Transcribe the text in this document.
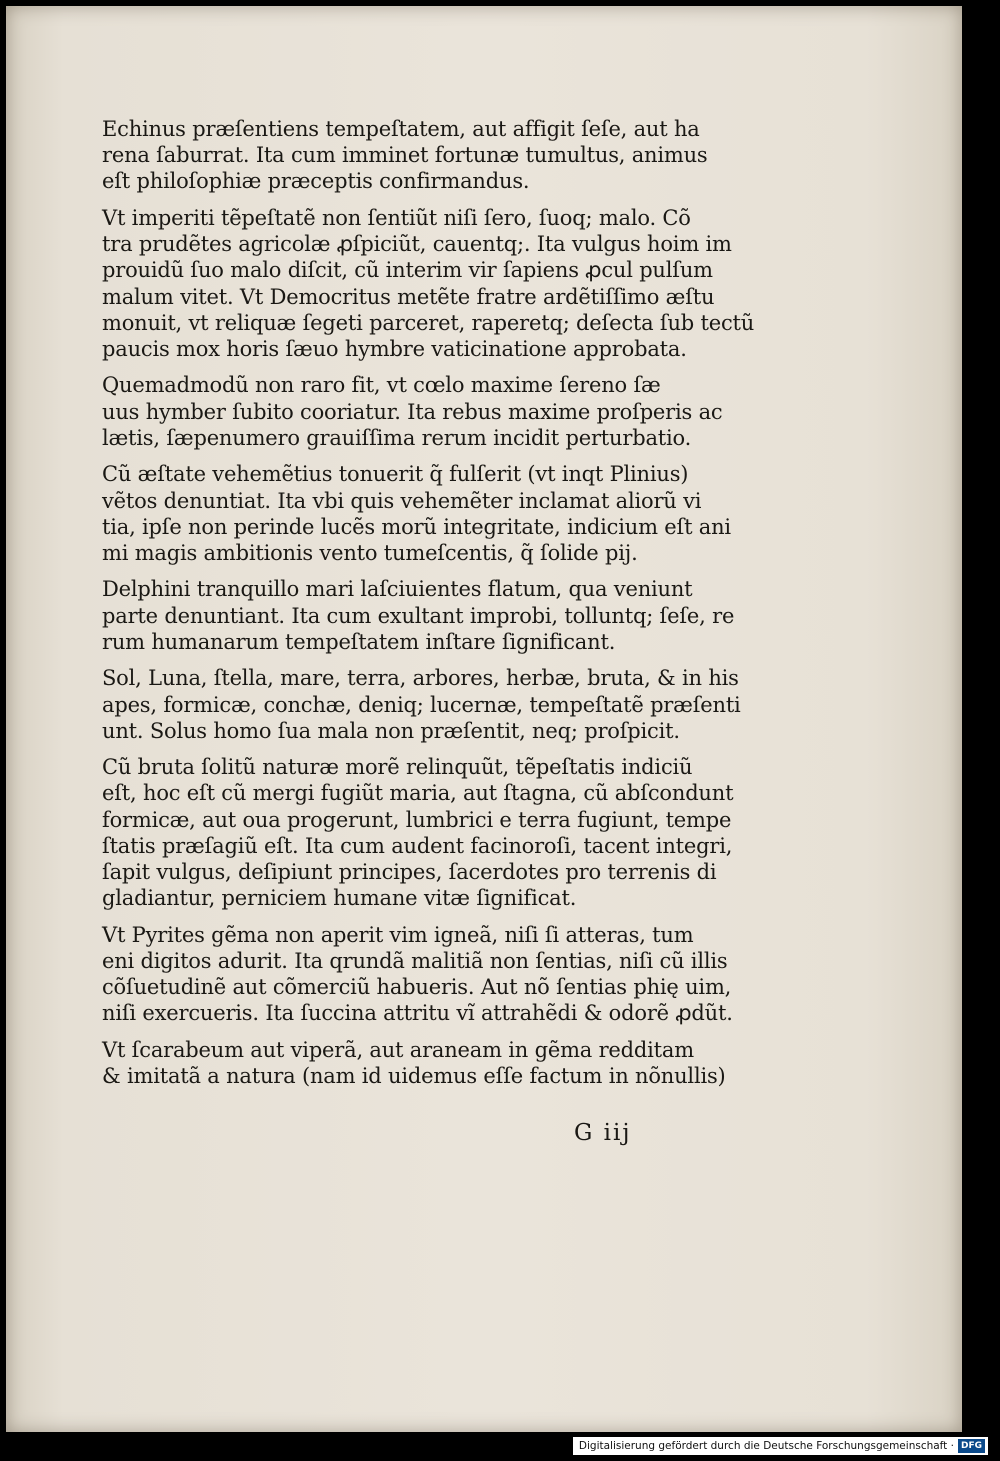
Echinus præſentiens tempeſtatem, aut affigit ſeſe, aut ha
rena ſaburrat. Ita cum imminet fortunæ tumultus, animus
eſt philoſophiæ præceptis confirmandus.

Vt imperiti tẽpeſtatẽ non ſentiũt niſi ſero, ſuoq; malo. Cõ
tra prudẽtes agricolæ ꝓſpiciũt, cauentq;. Ita vulgus hoim im
prouidũ ſuo malo diſcit, cũ interim vir ſapiens ꝓcul pulſum
malum vitet. Vt Democritus metẽte fratre ardẽtiſſimo æſtu
monuit, vt reliquæ ſegeti parceret, raperetq; deſecta ſub tectũ
paucis mox horis ſæuo hymbre vaticinatione approbata.

Quemadmodũ non raro fit, vt cœlo maxime ſereno ſæ
uus hymber ſubito cooriatur. Ita rebus maxime proſperis ac
lætis, ſæpenumero grauiſſima rerum incidit perturbatio.

Cũ æſtate vehemẽtius tonuerit q̃ fulſerit (vt inqt Plinius)
vẽtos denuntiat. Ita vbi quis vehemẽter inclamat aliorũ vi
tia, ipſe non perinde lucẽs morũ integritate, indicium eſt ani
mi magis ambitionis vento tumeſcentis, q̃ ſolide pij.

Delphini tranquillo mari laſciuientes flatum, qua veniunt
parte denuntiant. Ita cum exultant improbi, tolluntq; ſeſe, re
rum humanarum tempeſtatem inſtare ſignificant.

Sol, Luna, ſtella, mare, terra, arbores, herbæ, bruta, & in his
apes, formicæ, conchæ, deniq; lucernæ, tempeſtatẽ præſenti
unt. Solus homo ſua mala non præſentit, neq; proſpicit.

Cũ bruta ſolitũ naturæ morẽ relinquũt, tẽpeſtatis indiciũ
eſt, hoc eſt cũ mergi fugiũt maria, aut ſtagna, cũ abſcondunt
formicæ, aut oua progerunt, lumbrici e terra fugiunt, tempe
ſtatis præſagiũ eſt. Ita cum audent facinoroſi, tacent integri,
ſapit vulgus, deſipiunt principes, ſacerdotes pro terrenis di
gladiantur, perniciem humane vitæ ſignificat.

Vt Pyrites gẽma non aperit vim igneã, niſi ſi atteras, tum
eni digitos adurit. Ita qrundã malitiã non ſentias, niſi cũ illis
cõſuetudinẽ aut cõmerciũ habueris. Aut nõ ſentias phię uim,
niſi exercueris. Ita ſuccina attritu vĩ attrahẽdi & odorẽ ꝓdũt.

Vt ſcarabeum aut viperã, aut araneam in gẽma redditam
& imitatã a natura (nam id uidemus eſſe factum in nõnullis)

G iij
Digitalisierung gefördert durch die Deutsche Forschungsgemeinschaft · DFG
